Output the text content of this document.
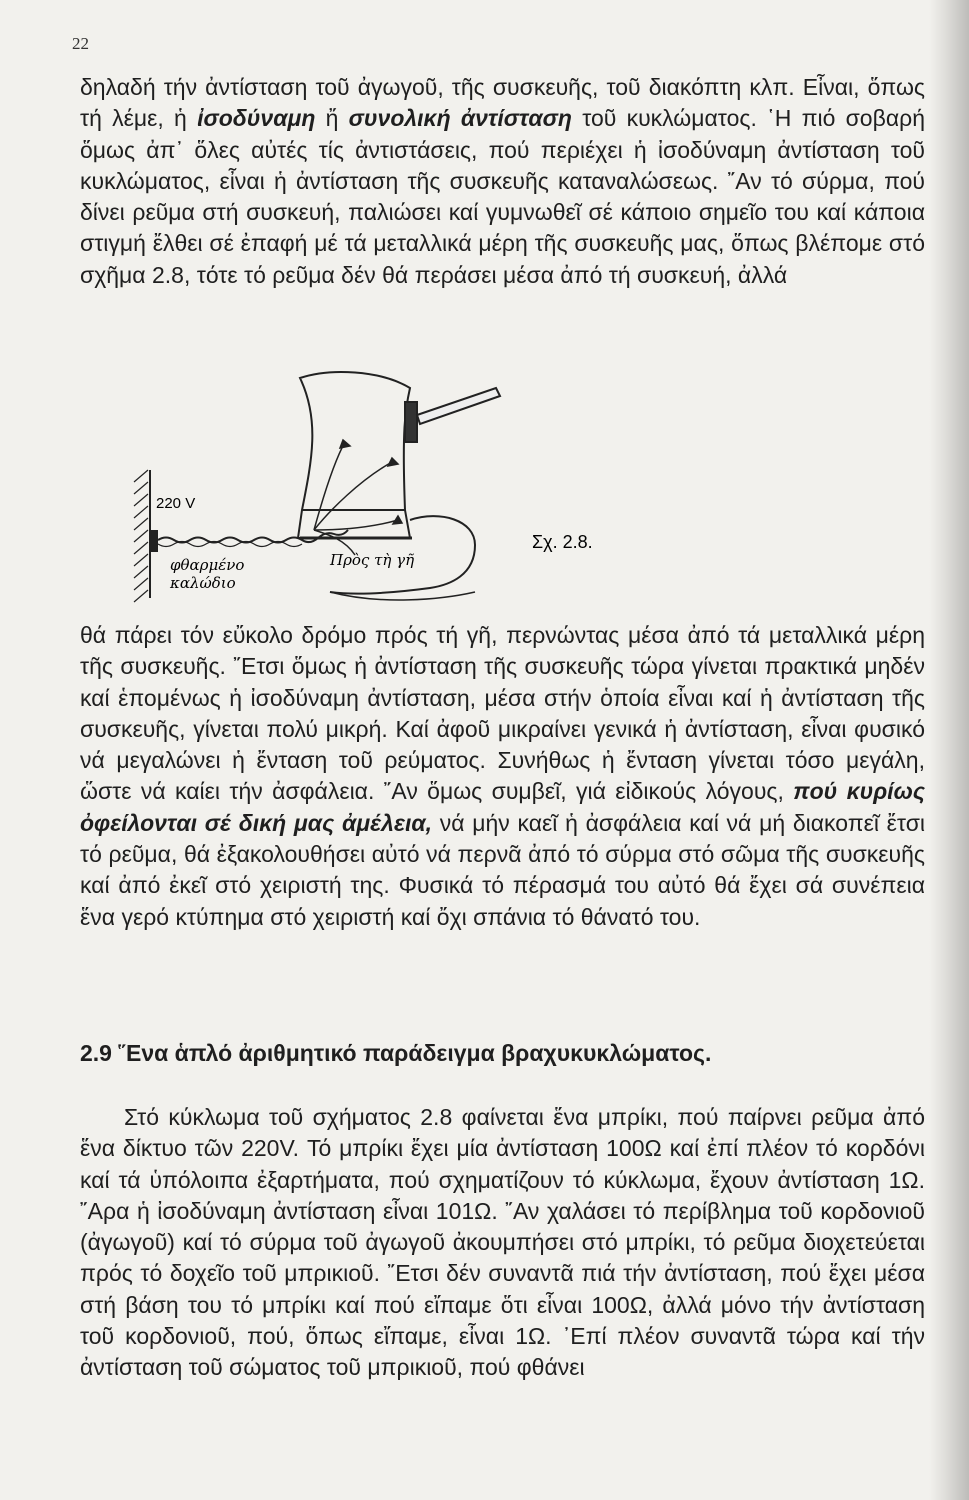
22

δηλαδή τήν ἀντίσταση τοῦ ἀγωγοῦ, τῆς συσκευῆς, τοῦ διακόπτη κλπ. Εἶναι, ὅπως τή λέμε, ἡ ἰσοδύναμη ἤ συνολική ἀντίσταση τοῦ κυκλώματος. ῾Η πιό σοβαρή ὅμως ἀπ᾿ ὅλες αὐτές τίς ἀντιστάσεις, πού περιέχει ἡ ἰσοδύναμη ἀντίσταση τοῦ κυκλώματος, εἶναι ἡ ἀντίσταση τῆς συσκευῆς καταναλώσεως. ῎Αν τό σύρμα, πού δίνει ρεῦμα στή συσκευή, παλιώσει καί γυμνωθεῖ σέ κάποιο σημεῖο του καί κάποια στιγμή ἔλθει σέ ἐπαφή μέ τά μεταλλικά μέρη τῆς συσκευῆς μας, ὅπως βλέπομε στό σχῆμα 2.8, τότε τό ρεῦμα δέν θά περάσει μέσα ἀπό τή συσκευή, ἀλλά

220 V
φθαρμένο
καλώδιο
Πρὸς τὴ γῆ
Σχ. 2.8.

θά πάρει τόν εὔκολο δρόμο πρός τή γῆ, περνώντας μέσα ἀπό τά μεταλλικά μέρη τῆς συσκευῆς. ῎Ετσι ὅμως ἡ ἀντίσταση τῆς συσκευῆς τώρα γίνεται πρακτικά μηδέν καί ἑπομένως ἡ ἰσοδύναμη ἀντίσταση, μέσα στήν ὁποία εἶναι καί ἡ ἀντίσταση τῆς συσκευῆς, γίνεται πολύ μικρή. Καί ἀφοῦ μικραίνει γενικά ἡ ἀντίσταση, εἶναι φυσικό νά μεγαλώνει ἡ ἔνταση τοῦ ρεύματος. Συνήθως ἡ ἔνταση γίνεται τόσο μεγάλη, ὥστε νά καίει τήν ἀσφάλεια. ῎Αν ὅμως συμβεῖ, γιά εἰδικούς λόγους, πού κυρίως ὀφείλονται σέ δική μας ἀμέλεια, νά μήν καεῖ ἡ ἀσφάλεια καί νά μή διακοπεῖ ἔτσι τό ρεῦμα, θά ἐξακολουθήσει αὐτό νά περνᾶ ἀπό τό σύρμα στό σῶμα τῆς συσκευῆς καί ἀπό ἐκεῖ στό χειριστή της. Φυσικά τό πέρασμά του αὐτό θά ἔχει σά συνέπεια ἕνα γερό κτύπημα στό χειριστή καί ὄχι σπάνια τό θάνατό του.

2.9 ῞Ενα ἁπλό ἀριθμητικό παράδειγμα βραχυκυκλώματος.

Στό κύκλωμα τοῦ σχήματος 2.8 φαίνεται ἕνα μπρίκι, πού παίρνει ρεῦμα ἀπό ἕνα δίκτυο τῶν 220V. Τό μπρίκι ἔχει μία ἀντίσταση 100Ω καί ἐπί πλέον τό κορδόνι καί τά ὑπόλοιπα ἐξαρτήματα, πού σχηματίζουν τό κύκλωμα, ἔχουν ἀντίσταση 1Ω. ῎Αρα ἡ ἰσοδύναμη ἀντίσταση εἶναι 101Ω. ῎Αν χαλάσει τό περίβλημα τοῦ κορδονιοῦ (ἀγωγοῦ) καί τό σύρμα τοῦ ἀγωγοῦ ἀκουμπήσει στό μπρίκι, τό ρεῦμα διοχετεύεται πρός τό δοχεῖο τοῦ μπρικιοῦ. ῎Ετσι δέν συναντᾶ πιά τήν ἀντίσταση, πού ἔχει μέσα στή βάση του τό μπρίκι καί πού εἴπαμε ὅτι εἶναι 100Ω, ἀλλά μόνο τήν ἀντίσταση τοῦ κορδονιοῦ, πού, ὅπως εἴπαμε, εἶναι 1Ω. ᾿Επί πλέον συναντᾶ τώρα καί τήν ἀντίσταση τοῦ σώματος τοῦ μπρικιοῦ, πού φθάνει
